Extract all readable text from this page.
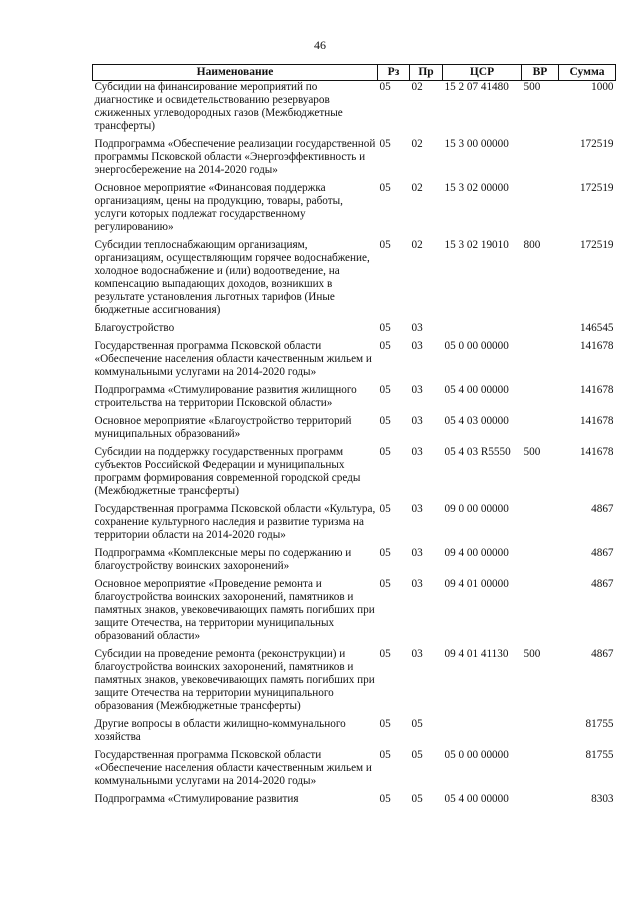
46
Наименование	Рз	Пр	ЦСР	ВР	Сумма
Субсидии на финансирование мероприятий по диагностике и освидетельствованию резервуаров сжиженных углеводородных газов (Межбюджетные трансферты)	05	02	15 2 07 41480	500	1000
Подпрограмма «Обеспечение реализации государственной программы Псковской области «Энергоэффективность и энергосбережение на 2014-2020 годы»	05	02	15 3 00 00000		172519
Основное мероприятие «Финансовая поддержка организациям, цены на продукцию, товары, работы, услуги которых подлежат государственному регулированию»	05	02	15 3 02 00000		172519
Субсидии теплоснабжающим организациям, организациям, осуществляющим горячее водоснабжение, холодное водоснабжение и (или) водоотведение, на компенсацию выпадающих доходов, возникших в результате установления льготных тарифов (Иные бюджетные ассигнования)	05	02	15 3 02 19010	800	172519
Благоустройство	05	03			146545
Государственная программа Псковской области «Обеспечение населения области качественным жильем и коммунальными услугами на 2014-2020 годы»	05	03	05 0 00 00000		141678
Подпрограмма «Стимулирование развития жилищного строительства на территории Псковской области»	05	03	05 4 00 00000		141678
Основное мероприятие «Благоустройство территорий муниципальных образований»	05	03	05 4 03 00000		141678
Субсидии на поддержку государственных программ субъектов Российской Федерации и муниципальных программ формирования современной городской среды (Межбюджетные трансферты)	05	03	05 4 03 R5550	500	141678
Государственная программа Псковской области «Культура, сохранение культурного наследия и развитие туризма на территории области на 2014-2020 годы»	05	03	09 0 00 00000		4867
Подпрограмма «Комплексные меры по содержанию и благоустройству воинских захоронений»	05	03	09 4 00 00000		4867
Основное мероприятие «Проведение ремонта и благоустройства воинских захоронений, памятников и памятных знаков, увековечивающих память погибших при защите Отечества, на территории муниципальных образований области»	05	03	09 4 01 00000		4867
Субсидии на проведение ремонта (реконструкции) и благоустройства воинских захоронений, памятников и памятных знаков, увековечивающих память погибших при защите Отечества на территории муниципального образования (Межбюджетные трансферты)	05	03	09 4 01 41130	500	4867
Другие вопросы в области жилищно-коммунального хозяйства	05	05			81755
Государственная программа Псковской области «Обеспечение населения области качественным жильем и коммунальными услугами на 2014-2020 годы»	05	05	05 0 00 00000		81755
Подпрограмма «Стимулирование развития	05	05	05 4 00 00000		8303
